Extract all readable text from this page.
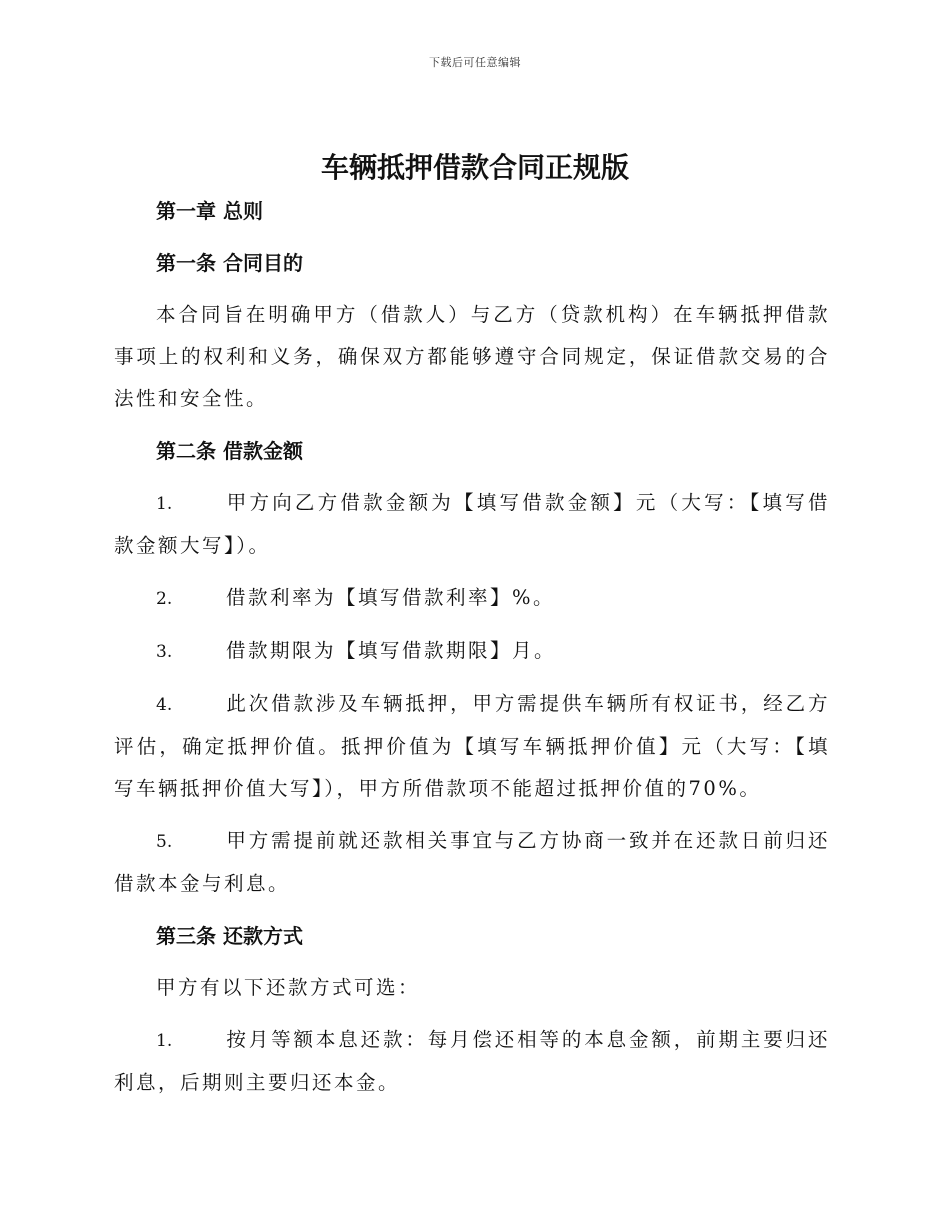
下载后可任意编辑
车辆抵押借款合同正规版

第一章 总则

第一条 合同目的

本合同旨在明确甲方（借款人）与乙方（贷款机构）在车辆抵押借款事项上的权利和义务，确保双方都能够遵守合同规定，保证借款交易的合法性和安全性。

第二条 借款金额

1.	甲方向乙方借款金额为【填写借款金额】元（大写：【填写借款金额大写】）。

2.	借款利率为【填写借款利率】%。

3.	借款期限为【填写借款期限】月。

4.	此次借款涉及车辆抵押，甲方需提供车辆所有权证书，经乙方评估，确定抵押价值。抵押价值为【填写车辆抵押价值】元（大写：【填写车辆抵押价值大写】），甲方所借款项不能超过抵押价值的70%。

5.	甲方需提前就还款相关事宜与乙方协商一致并在还款日前归还借款本金与利息。

第三条 还款方式

甲方有以下还款方式可选：

1.	按月等额本息还款：每月偿还相等的本息金额，前期主要归还利息，后期则主要归还本金。
